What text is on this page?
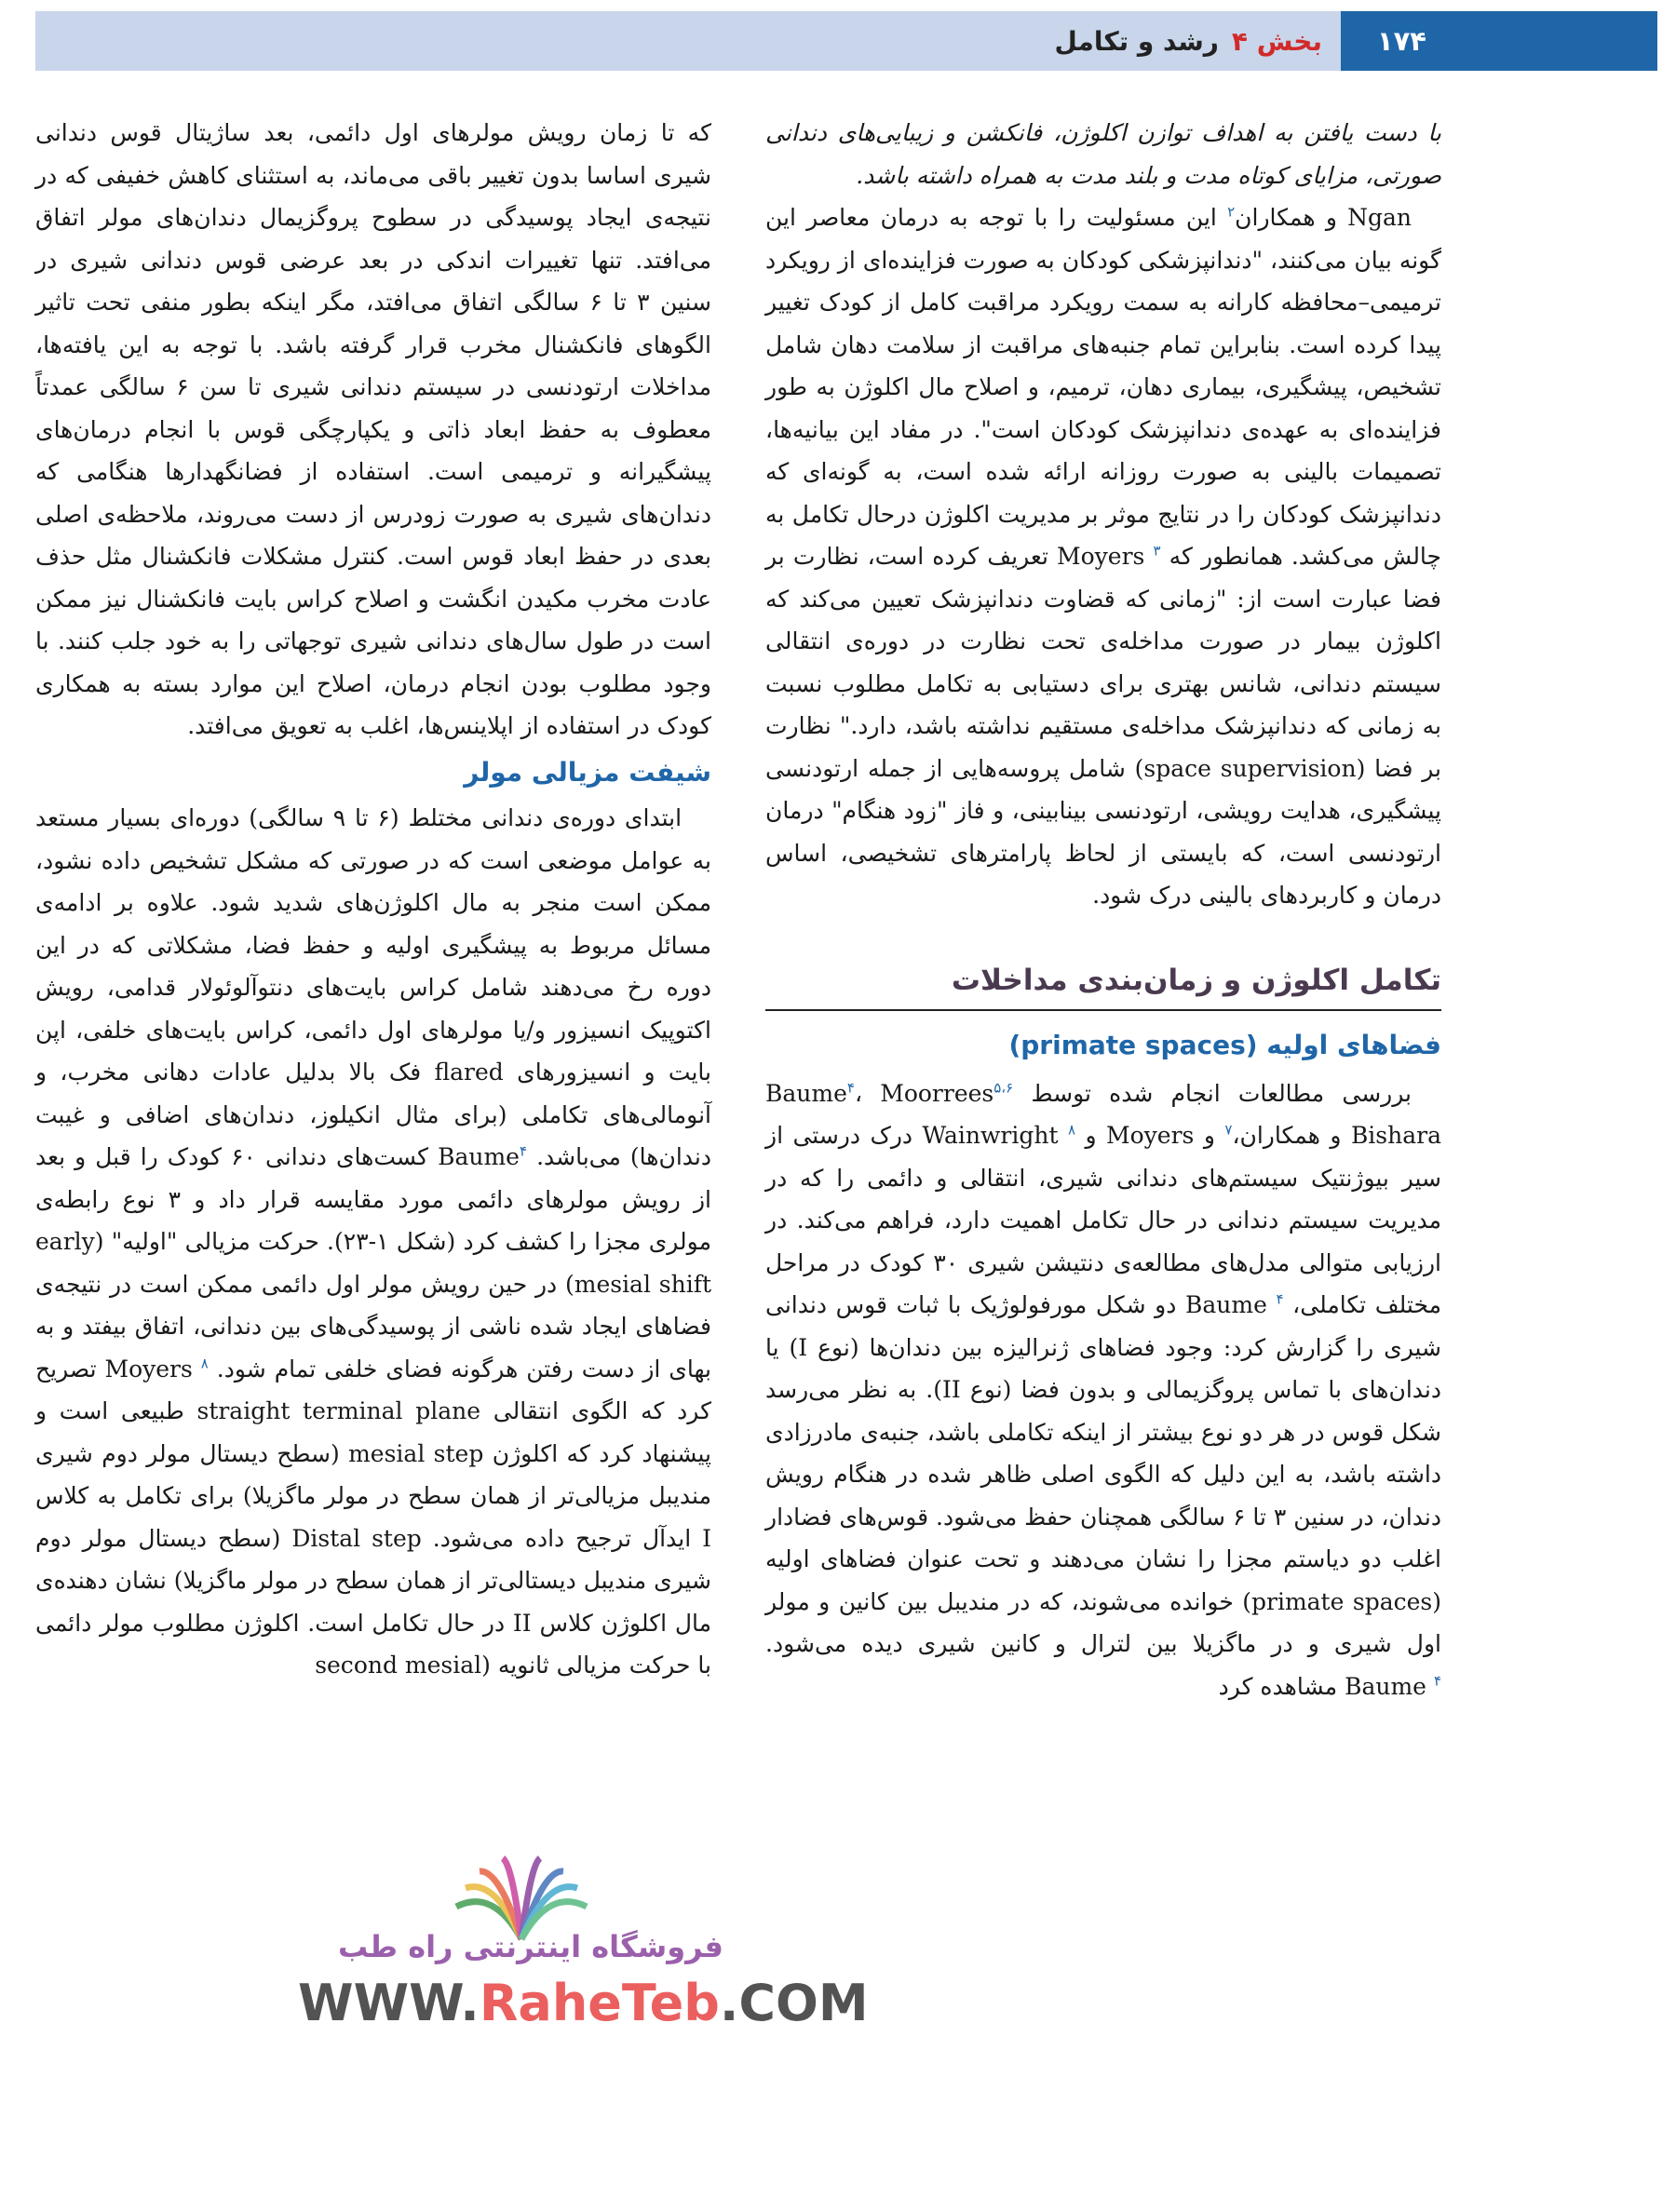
بخش ۴
رشد و تکامل	۱۷۴

با دست یافتن به اهداف توازن اکلوژن، فانکشن و زیبایی‌های دندانی صورتی، مزایای کوتاه مدت و بلند مدت به همراه داشته باشد.

Ngan و همکاران$^۲$ این مسئولیت را با توجه به درمان معاصر این گونه بیان می‌کنند، "دندانپزشکی کودکان به صورت فزاینده‌ای از رویکرد ترمیمی–محافظه کارانه به سمت رویکرد مراقبت کامل از کودک تغییر پیدا کرده است. بنابراین تمام جنبه‌های مراقبت از سلامت دهان شامل تشخیص، پیشگیری، بیماری دهان، ترمیم، و اصلاح مال اکلوژن به طور فزاینده‌ای به عهده‌ی دندانپزشک کودکان است". در مفاد این بیانیه‌ها، تصمیمات بالینی به صورت روزانه ارائه شده است، به گونه‌ای که دندانپزشک کودکان را در نتایج موثر بر مدیریت اکلوژن درحال تکامل به چالش می‌کشد. همانطور که Moyers $^۳$ تعریف کرده است، نظارت بر فضا عبارت است از: "زمانی که قضاوت دندانپزشک تعیین می‌کند که اکلوژن بیمار در صورت مداخله‌ی تحت نظارت در دوره‌ی انتقالی سیستم دندانی، شانس بهتری برای دستیابی به تکامل مطلوب نسبت به زمانی که دندانپزشک مداخله‌ی مستقیم نداشته باشد، دارد." نظارت بر فضا (space supervision) شامل پروسه‌هایی از جمله ارتودنسی پیشگیری، هدایت رویشی، ارتودنسی بینابینی، و فاز "زود هنگام" درمان ارتودنسی است، که بایستی از لحاظ پارامترهای تشخیصی، اساس درمان و کاربردهای بالینی درک شود.

تکامل اکلوژن و زمان‌بندی مداخلات
فضاهای اولیه (primate spaces)

بررسی مطالعات انجام شده توسط Baume$^۴$، Moorrees$^{۵،۶}$ Bishara و همکاران،$^۷$ و Moyers و Wainwright $^۸$ درک درستی از سیر بیوژنتیک سیستم‌های دندانی شیری، انتقالی و دائمی را که در مدیریت سیستم دندانی در حال تکامل اهمیت دارد، فراهم می‌کند. در ارزیابی متوالی مدل‌های مطالعه‌ی دنتیشن شیری ۳۰ کودک در مراحل مختلف تکاملی، Baume $^۴$ دو شکل مورفولوژیک با ثبات قوس دندانی شیری را گزارش کرد: وجود فضاهای ژنرالیزه بین دندان‌ها (نوع I) یا دندان‌های با تماس پروگزیمالی و بدون فضا (نوع II). به نظر می‌رسد شکل قوس در هر دو نوع بیشتر از اینکه تکاملی باشد، جنبه‌ی مادرزادی داشته باشد، به این دلیل که الگوی اصلی ظاهر شده در هنگام رویش دندان، در سنین ۳ تا ۶ سالگی همچنان حفظ می‌شود. قوس‌های فضادار اغلب دو دیاستم مجزا را نشان می‌دهند و تحت عنوان فضاهای اولیه (primate spaces) خوانده می‌شوند، که در مندیبل بین کانین و مولر اول شیری و در ماگزیلا بین لترال و کانین شیری دیده می‌شود. Baume $^۴$ مشاهده کرد

که تا زمان رویش مولرهای اول دائمی، بعد ساژیتال قوس دندانی شیری اساسا بدون تغییر باقی می‌ماند، به استثنای کاهش خفیفی که در نتیجه‌ی ایجاد پوسیدگی در سطوح پروگزیمال دندان‌های مولر اتفاق می‌افتد. تنها تغییرات اندکی در بعد عرضی قوس دندانی شیری در سنین ۳ تا ۶ سالگی اتفاق می‌افتد، مگر اینکه بطور منفی تحت تاثیر الگوهای فانکشنال مخرب قرار گرفته باشد. با توجه به این یافته‌ها، مداخلات ارتودنسی در سیستم دندانی شیری تا سن ۶ سالگی عمدتاً معطوف به حفظ ابعاد ذاتی و یکپارچگی قوس با انجام درمان‌های پیشگیرانه و ترمیمی است. استفاده از فضانگهدارها هنگامی که دندان‌های شیری به صورت زودرس از دست می‌روند، ملاحظه‌ی اصلی بعدی در حفظ ابعاد قوس است. کنترل مشکلات فانکشنال مثل حذف عادت مخرب مکیدن انگشت و اصلاح کراس بایت فانکشنال نیز ممکن است در طول سال‌های دندانی شیری توجهاتی را به خود جلب کنند. با وجود مطلوب بودن انجام درمان، اصلاح این موارد بسته به همکاری کودک در استفاده از اپلاینس‌ها، اغلب به تعویق می‌افتد.

شیفت مزیالی مولر

ابتدای دوره‌ی دندانی مختلط (۶ تا ۹ سالگی) دوره‌ای بسیار مستعد به عوامل موضعی است که در صورتی که مشکل تشخیص داده نشود، ممکن است منجر به مال اکلوژن‌های شدید شود. علاوه بر ادامه‌ی مسائل مربوط به پیشگیری اولیه و حفظ فضا، مشکلاتی که در این دوره رخ می‌دهند شامل کراس بایت‌های دنتوآلوئولار قدامی، رویش اکتوپیک انسیزور و/یا مولرهای اول دائمی، کراس بایت‌های خلفی، اپن بایت و انسیزورهای flared فک بالا بدلیل عادات دهانی مخرب، و آنومالی‌های تکاملی (برای مثال انکیلوز، دندان‌های اضافی و غیبت دندان‌ها) می‌باشد. Baume$^۴$ کست‌های دندانی ۶۰ کودک را قبل و بعد از رویش مولرهای دائمی مورد مقایسه قرار داد و ۳ نوع رابطه‌ی مولری مجزا را کشف کرد (شکل ۱-۲۳). حرکت مزیالی "اولیه" (early mesial shift) در حین رویش مولر اول دائمی ممکن است در نتیجه‌ی فضاهای ایجاد شده ناشی از پوسیدگی‌های بین دندانی، اتفاق بیفتد و به بهای از دست رفتن هرگونه فضای خلفی تمام شود. Moyers $^۸$ تصریح کرد که الگوی انتقالی straight terminal plane طبیعی است و پیشنهاد کرد که اکلوژن mesial step (سطح دیستال مولر دوم شیری مندیبل مزیالی‌تر از همان سطح در مولر ماگزیلا) برای تکامل به کلاس I ایدآل ترجیح داده می‌شود. Distal step (سطح دیستال مولر دوم شیری مندیبل دیستالی‌تر از همان سطح در مولر ماگزیلا) نشان دهنده‌ی مال اکلوژن کلاس II در حال تکامل است. اکلوژن مطلوب مولر دائمی با حرکت مزیالی ثانویه (second mesial

فروشگاه اینترنتی راه طب
WWW.RaheTeb.COM
